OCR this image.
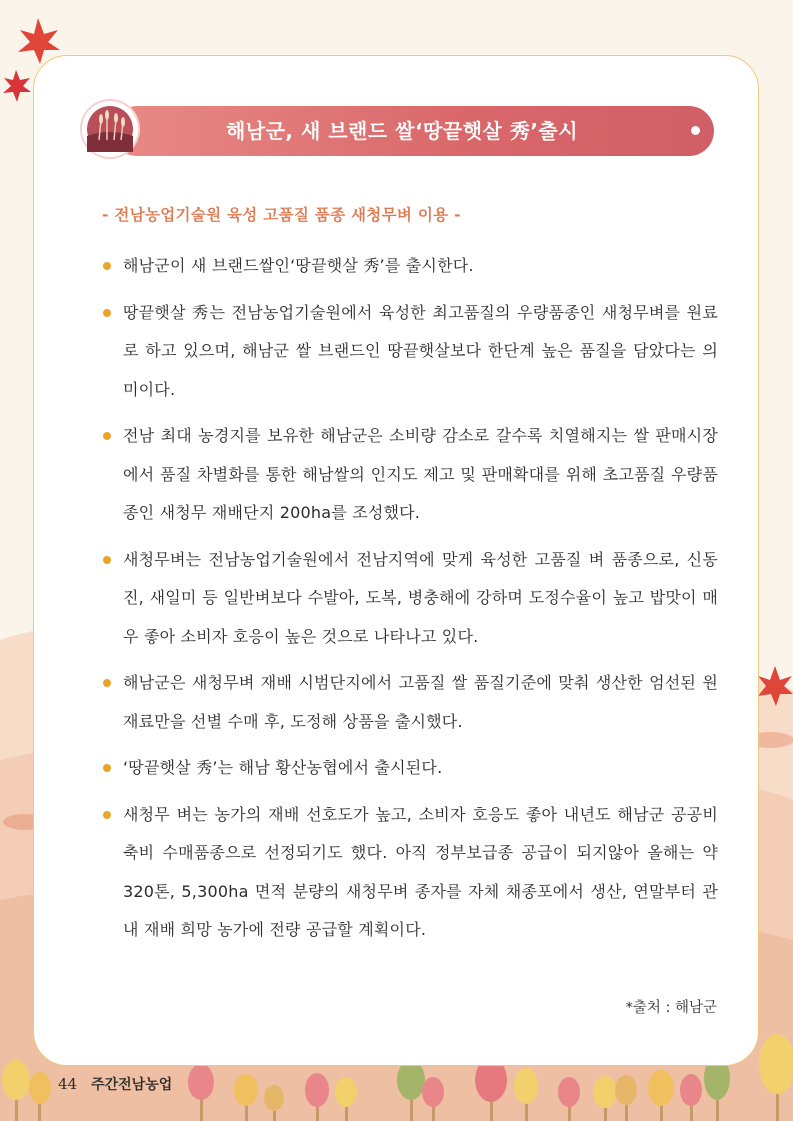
해남군, 새 브랜드 쌀‘땅끝햇살 秀’출시
- 전남농업기술원 육성 고품질 품종 새청무벼 이용 -
해남군이 새 브랜드쌀인‘땅끝햇살 秀’를 출시한다.
땅끝햇살 秀는 전남농업기술원에서 육성한 최고품질의 우량품종인 새청무벼를 원료로 하고 있으며, 해남군 쌀 브랜드인 땅끝햇살보다 한단계 높은 품질을 담았다는 의미이다.
전남 최대 농경지를 보유한 해남군은 소비량 감소로 갈수록 치열해지는 쌀 판매시장에서 품질 차별화를 통한 해남쌀의 인지도 제고 및 판매확대를 위해 초고품질 우량품종인 새청무 재배단지 200ha를 조성했다.
새청무벼는 전남농업기술원에서 전남지역에 맞게 육성한 고품질 벼 품종으로, 신동진, 새일미 등 일반벼보다 수발아, 도복, 병충해에 강하며 도정수율이 높고 밥맛이 매우 좋아 소비자 호응이 높은 것으로 나타나고 있다.
해남군은 새청무벼 재배 시범단지에서 고품질 쌀 품질기준에 맞춰 생산한 엄선된 원재료만을 선별 수매 후, 도정해 상품을 출시했다.
‘땅끝햇살 秀’는 해남 황산농협에서 출시된다.
새청무 벼는 농가의 재배 선호도가 높고, 소비자 호응도 좋아 내년도 해남군 공공비축비 수매품종으로 선정되기도 했다. 아직 정부보급종 공급이 되지않아 올해는 약 320톤, 5,300ha 면적 분량의 새청무벼 종자를 자체 채종포에서 생산, 연말부터 관내 재배 희망 농가에 전량 공급할 계획이다.
*출처 : 해남군
44 주간전남농업
